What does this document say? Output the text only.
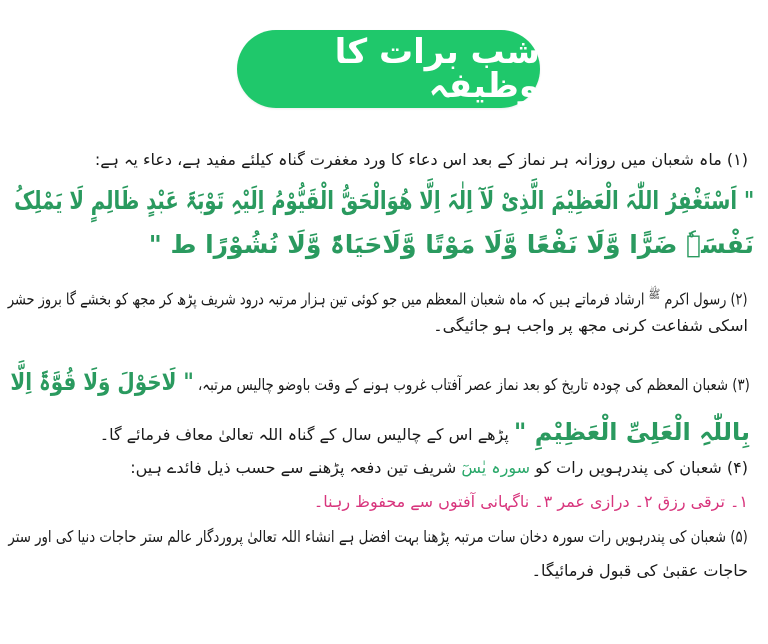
شب برات کا وظیفہ
(۱) ماہ شعبان میں روزانہ ہر نماز کے بعد اس دعاء کا ورد مغفرت گناہ کیلئے مفید ہے، دعاء یہ ہے:
" اَسْتَغْفِرُ اللّٰہَ الْعَظِیْمَ الَّذِیْ لَآ اِلٰہَ اِلَّا ھُوَالْحَقُّ الْقَیُّوْمُ اِلَیْہِ تَوْبَۃَ عَبْدٍ ظَالِمٍ لَا یَمْلِکُ
نَفْسَہٗ ضَرًّا وَّلَا نَفْعًا وَّلَا مَوْتًا وَّلَاحَیَاۃً وَّلَا نُشُوْرًا ط "
(۲) رسول اکرم $^ﷺ$ ارشاد فرماتے ہیں کہ ماہ شعبان المعظم میں جو کوئی تین ہزار مرتبہ درود شریف پڑھ کر مجھ کو بخشے گا بروز حشر
اسکی شفاعت کرنی مجھ پر واجب ہو جائیگی۔
(۳) شعبان المعظم کی چودہ تاریخ کو بعد نماز عصر آفتاب غروب ہونے کے وقت باوضو چالیس مرتبہ، " لَاحَوْلَ وَلَا قُوَّۃَ اِلَّا
بِاللّٰہِ الْعَلِیِّ الْعَظِیْمِ " پڑھے اس کے چالیس سال کے گناہ اللہ تعالیٰ معاف فرمائے گا۔
(۴) شعبان کی پندرہویں رات کو سورہ یٰسٓ شریف تین دفعہ پڑھنے سے حسب ذیل فائدے ہیں:
۱۔ ترقی رزق ۲۔ درازی عمر ۳۔ ناگہانی آفتوں سے محفوظ رہنا۔
(۵) شعبان کی پندرہویں رات سورہ دخان سات مرتبہ پڑھنا بہت افضل ہے انشاء اللہ تعالیٰ پروردگار عالم ستر حاجات دنیا کی اور ستر
حاجات عقبیٰ کی قبول فرمائیگا۔
